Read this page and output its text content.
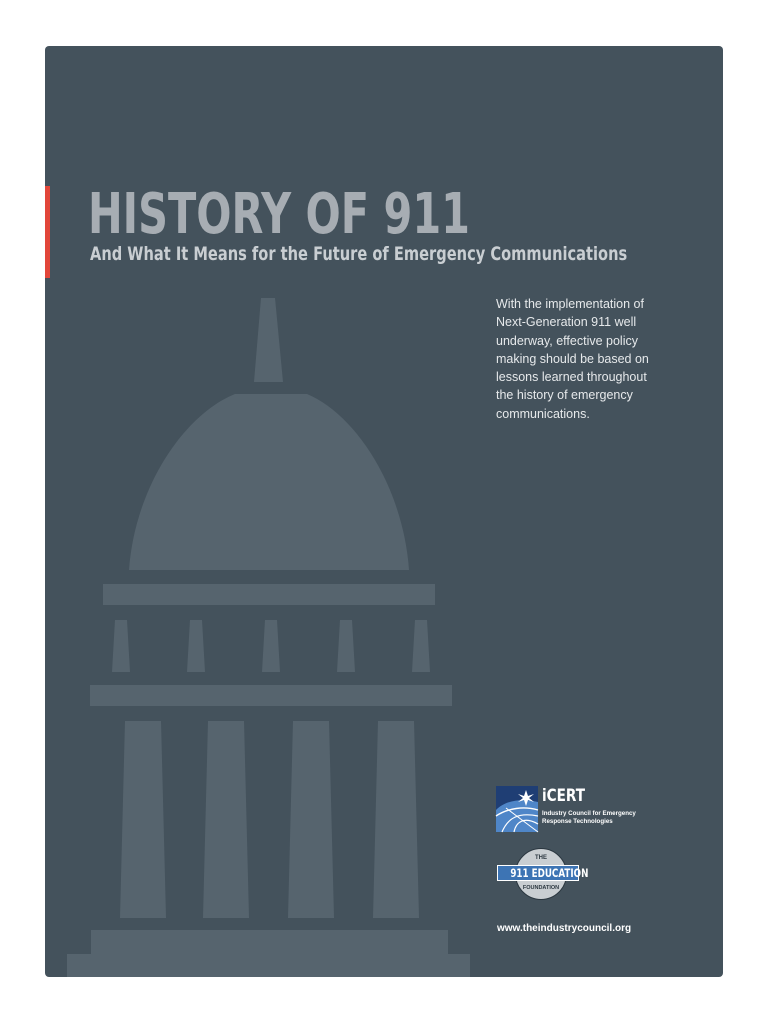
HISTORY OF 911
And What It Means for the Future of Emergency Communications

With the implementation of
Next-Generation 911 well
underway, effective policy
making should be based on
lessons learned throughout
the history of emergency
communications.

iCERT
Industry Council for Emergency
Response Technologies
THE
FOUNDATION
911 EDUCATION
www.theindustrycouncil.org
